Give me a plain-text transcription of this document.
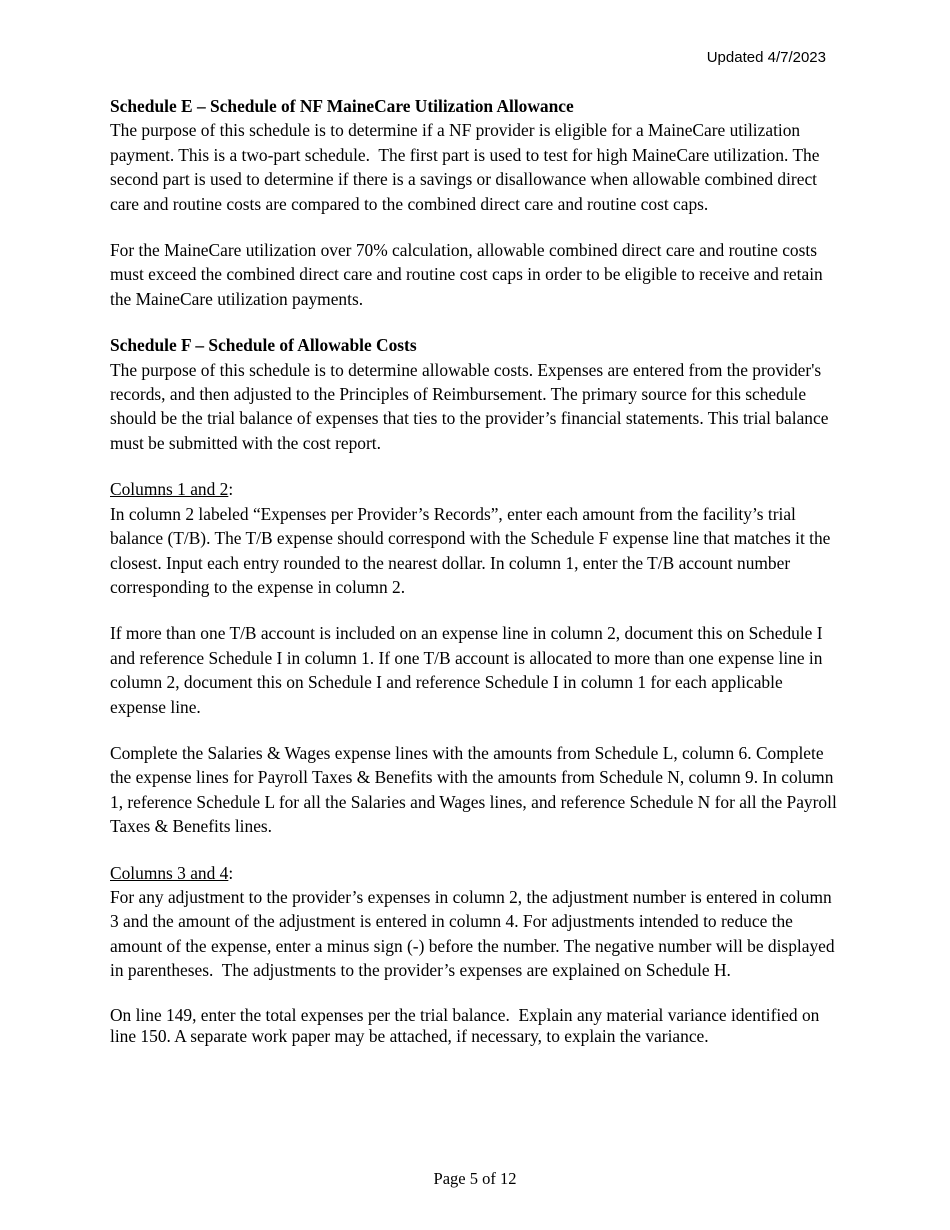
Updated 4/7/2023

Schedule E – Schedule of NF MaineCare Utilization Allowance

The purpose of this schedule is to determine if a NF provider is eligible for a MaineCare utilization payment. This is a two-part schedule.  The first part is used to test for high MaineCare utilization. The second part is used to determine if there is a savings or disallowance when allowable combined direct care and routine costs are compared to the combined direct care and routine cost caps.

For the MaineCare utilization over 70% calculation, allowable combined direct care and routine costs must exceed the combined direct care and routine cost caps in order to be eligible to receive and retain the MaineCare utilization payments.

Schedule F – Schedule of Allowable Costs

The purpose of this schedule is to determine allowable costs. Expenses are entered from the provider's records, and then adjusted to the Principles of Reimbursement. The primary source for this schedule should be the trial balance of expenses that ties to the provider’s financial statements. This trial balance must be submitted with the cost report.

Columns 1 and 2:

In column 2 labeled “Expenses per Provider’s Records”, enter each amount from the facility’s trial balance (T/B). The T/B expense should correspond with the Schedule F expense line that matches it the closest. Input each entry rounded to the nearest dollar. In column 1, enter the T/B account number corresponding to the expense in column 2.

If more than one T/B account is included on an expense line in column 2, document this on Schedule I and reference Schedule I in column 1. If one T/B account is allocated to more than one expense line in column 2, document this on Schedule I and reference Schedule I in column 1 for each applicable expense line.

Complete the Salaries & Wages expense lines with the amounts from Schedule L, column 6. Complete the expense lines for Payroll Taxes & Benefits with the amounts from Schedule N, column 9. In column 1, reference Schedule L for all the Salaries and Wages lines, and reference Schedule N for all the Payroll Taxes & Benefits lines.

Columns 3 and 4:

For any adjustment to the provider’s expenses in column 2, the adjustment number is entered in column 3 and the amount of the adjustment is entered in column 4. For adjustments intended to reduce the amount of the expense, enter a minus sign (-) before the number. The negative number will be displayed in parentheses.  The adjustments to the provider’s expenses are explained on Schedule H.

On line 149, enter the total expenses per the trial balance.  Explain any material variance identified on line 150. A separate work paper may be attached, if necessary, to explain the variance.

Page 5 of 12
